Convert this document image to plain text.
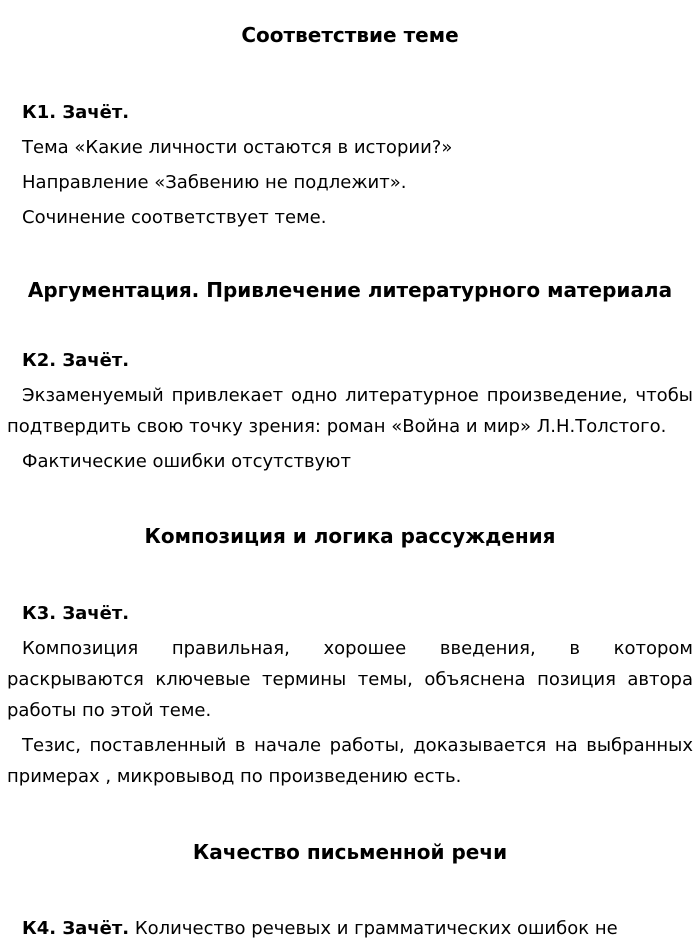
Соответствие теме

К1. Зачёт.

Тема «Какие личности остаются в истории?»

Направление «Забвению не подлежит».

Сочинение соответствует теме.

Аргументация. Привлечение литературного материала

К2. Зачёт.

Экзаменуемый привлекает одно литературное произведение, чтобы подтвердить свою точку зрения: роман «Война и мир» Л.Н.Толстого.

Фактические ошибки отсутствуют

Композиция и логика рассуждения

К3. Зачёт.

Композиция правильная, хорошее введения, в котором раскрываются ключевые термины темы, объяснена позиция автора работы по этой теме.

Тезис, поставленный в начале работы, доказывается на выбранных примерах , микровывод по произведению есть.

Качество письменной речи

К4. Зачёт. Количество речевых и грамматических ошибок не
